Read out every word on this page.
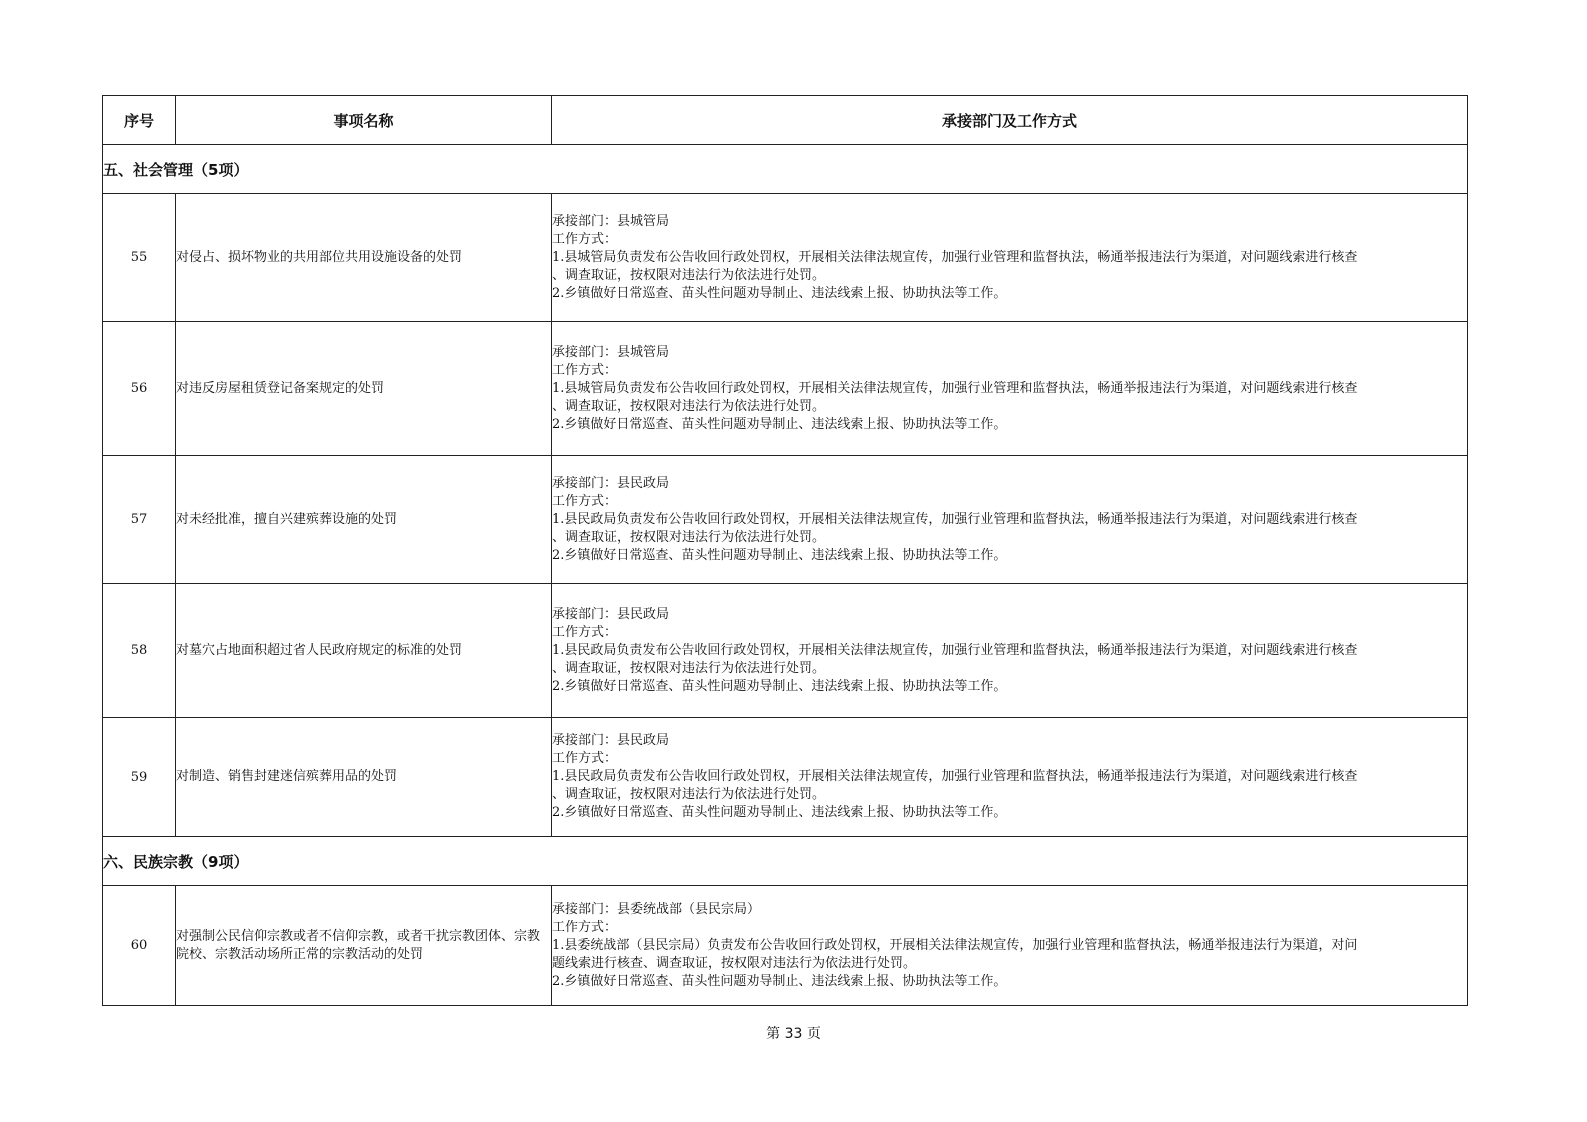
序号	事项名称	承接部门及工作方式
五、社会管理（5项）		
55	对侵占、损坏物业的共用部位共用设施设备的处罚	承接部门：县城管局
工作方式：
1.县城管局负责发布公告收回行政处罚权，开展相关法律法规宣传，加强行业管理和监督执法，畅通举报违法行为渠道，对问题线索进行核查
、调查取证，按权限对违法行为依法进行处罚。
2.乡镇做好日常巡查、苗头性问题劝导制止、违法线索上报、协助执法等工作。

56	对违反房屋租赁登记备案规定的处罚	承接部门：县城管局
工作方式：
1.县城管局负责发布公告收回行政处罚权，开展相关法律法规宣传，加强行业管理和监督执法，畅通举报违法行为渠道，对问题线索进行核查
、调查取证，按权限对违法行为依法进行处罚。
2.乡镇做好日常巡查、苗头性问题劝导制止、违法线索上报、协助执法等工作。

57	对未经批准，擅自兴建殡葬设施的处罚	承接部门：县民政局
工作方式：
1.县民政局负责发布公告收回行政处罚权，开展相关法律法规宣传，加强行业管理和监督执法，畅通举报违法行为渠道，对问题线索进行核查
、调查取证，按权限对违法行为依法进行处罚。
2.乡镇做好日常巡查、苗头性问题劝导制止、违法线索上报、协助执法等工作。

58	对墓穴占地面积超过省人民政府规定的标准的处罚	承接部门：县民政局
工作方式：
1.县民政局负责发布公告收回行政处罚权，开展相关法律法规宣传，加强行业管理和监督执法，畅通举报违法行为渠道，对问题线索进行核查
、调查取证，按权限对违法行为依法进行处罚。
2.乡镇做好日常巡查、苗头性问题劝导制止、违法线索上报、协助执法等工作。

59	对制造、销售封建迷信殡葬用品的处罚	承接部门：县民政局
工作方式：
1.县民政局负责发布公告收回行政处罚权，开展相关法律法规宣传，加强行业管理和监督执法，畅通举报违法行为渠道，对问题线索进行核查
、调查取证，按权限对违法行为依法进行处罚。
2.乡镇做好日常巡查、苗头性问题劝导制止、违法线索上报、协助执法等工作。

六、民族宗教（9项）		
60	对强制公民信仰宗教或者不信仰宗教，或者干扰宗教团体、宗教院校、宗教活动场所正常的宗教活动的处罚	承接部门：县委统战部（县民宗局）
工作方式：
1.县委统战部（县民宗局）负责发布公告收回行政处罚权，开展相关法律法规宣传，加强行业管理和监督执法，畅通举报违法行为渠道，对问
题线索进行核查、调查取证，按权限对违法行为依法进行处罚。
2.乡镇做好日常巡查、苗头性问题劝导制止、违法线索上报、协助执法等工作。
第 33 页
